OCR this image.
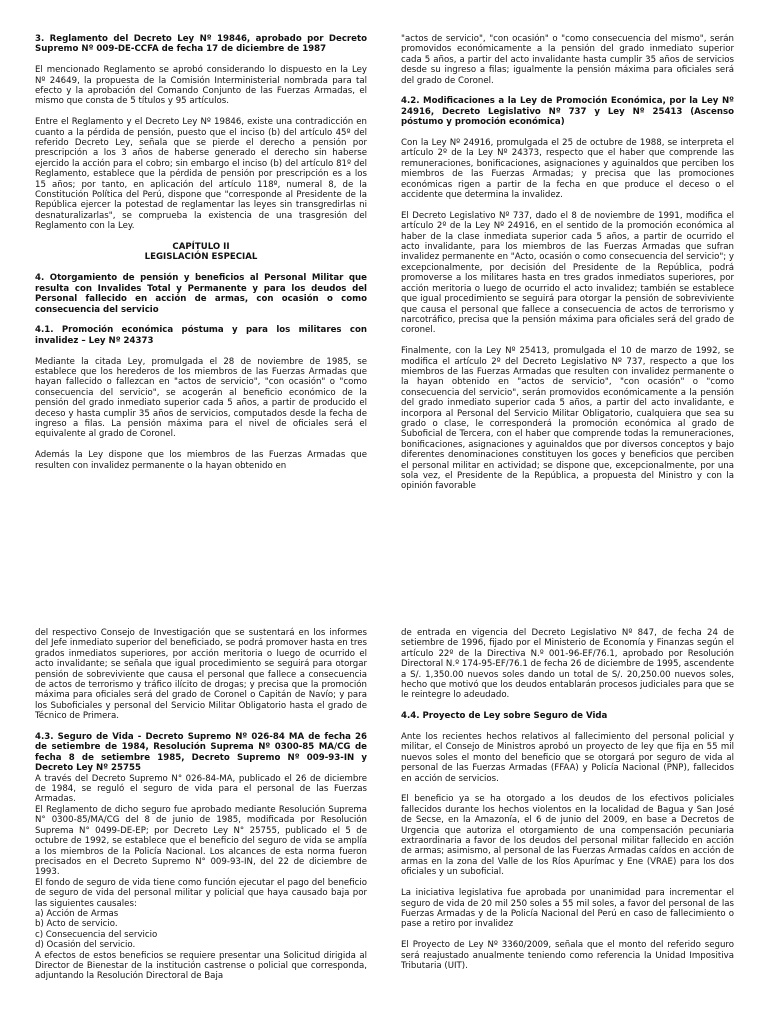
3. Reglamento del Decreto Ley Nº 19846, aprobado por Decreto Supremo Nº 009-DE-CCFA de fecha 17 de diciembre de 1987

El mencionado Reglamento se aprobó considerando lo dispuesto en la Ley Nº 24649, la propuesta de la Comisión Interministerial nombrada para tal efecto y la aprobación del Comando Conjunto de las Fuerzas Armadas, el mismo que consta de 5 títulos y 95 artículos.

Entre el Reglamento y el Decreto Ley Nº 19846, existe una contradicción en cuanto a la pérdida de pensión, puesto que el inciso (b) del artículo 45º del referido Decreto Ley, señala que se pierde el derecho a pensión por prescripción a los 3 años de haberse generado el derecho sin haberse ejercido la acción para el cobro; sin embargo el inciso (b) del artículo 81º del Reglamento, establece que la pérdida de pensión por prescripción es a los 15 años; por tanto, en aplicación del artículo 118º, numeral 8, de la Constitución Política del Perú, dispone que "corresponde al Presidente de la República ejercer la potestad de reglamentar las leyes sin transgredirlas ni desnaturalizarlas", se comprueba la existencia de una trasgresión del Reglamento con la Ley.

CAPÍTULO II
LEGISLACIÓN ESPECIAL

4. Otorgamiento de pensión y beneficios al Personal Militar que resulta con Invalides Total y Permanente y para los deudos del Personal fallecido en acción de armas, con ocasión o como consecuencia del servicio

4.1. Promoción económica póstuma y para los militares con invalidez – Ley Nº 24373

Mediante la citada Ley, promulgada el 28 de noviembre de 1985, se establece que los herederos de los miembros de las Fuerzas Armadas que hayan fallecido o fallezcan en "actos de servicio", "con ocasión" o "como consecuencia del servicio", se acogerán al beneficio económico de la pensión del grado inmediato superior cada 5 años, a partir de producido el deceso y hasta cumplir 35 años de servicios, computados desde la fecha de ingreso a filas. La pensión máxima para el nivel de oficiales será el equivalente al grado de Coronel.

Además la Ley dispone que los miembros de las Fuerzas Armadas que resulten con invalidez permanente o la hayan obtenido en

"actos de servicio", "con ocasión" o "como consecuencia del mismo", serán promovidos económicamente a la pensión del grado inmediato superior cada 5 años, a partir del acto invalidante hasta cumplir 35 años de servicios desde su ingreso a filas; igualmente la pensión máxima para oficiales será del grado de Coronel.

4.2. Modificaciones a la Ley de Promoción Económica, por la Ley Nº 24916, Decreto Legislativo Nº 737 y Ley Nº 25413 (Ascenso póstumo y promoción económica)

Con la Ley Nº 24916, promulgada el 25 de octubre de 1988, se interpreta el artículo 2º de la Ley Nº 24373, respecto que el haber que comprende las remuneraciones, bonificaciones, asignaciones y aguinaldos que perciben los miembros de las Fuerzas Armadas; y precisa que las promociones económicas rigen a partir de la fecha en que produce el deceso o el accidente que determina la invalidez.

El Decreto Legislativo Nº 737, dado el 8 de noviembre de 1991, modifica el artículo 2º de la Ley Nº 24916, en el sentido de la promoción económica al haber de la clase inmediata superior cada 5 años, a partir de ocurrido el acto invalidante, para los miembros de las Fuerzas Armadas que sufran invalidez permanente en "Acto, ocasión o como consecuencia del servicio"; y excepcionalmente, por decisión del Presidente de la República, podrá promoverse a los militares hasta en tres grados inmediatos superiores, por acción meritoria o luego de ocurrido el acto invalidez; también se establece que igual procedimiento se seguirá para otorgar la pensión de sobreviviente que causa el personal que fallece a consecuencia de actos de terrorismo y narcotráfico, precisa que la pensión máxima para oficiales será del grado de coronel.

Finalmente, con la Ley Nº 25413, promulgada el 10 de marzo de 1992, se modifica el artículo 2º del Decreto Legislativo Nº 737, respecto a que los miembros de las Fuerzas Armadas que resulten con invalidez permanente o la hayan obtenido en "actos de servicio", "con ocasión" o "como consecuencia del servicio", serán promovidos económicamente a la pensión del grado inmediato superior cada 5 años, a partir del acto invalidante, e incorpora al Personal del Servicio Militar Obligatorio, cualquiera que sea su grado o clase, le corresponderá la promoción económica al grado de Suboficial de Tercera, con el haber que comprende todas la remuneraciones, bonificaciones, asignaciones y aguinaldos que por diversos conceptos y bajo diferentes denominaciones constituyen los goces y beneficios que perciben el personal militar en actividad; se dispone que, excepcionalmente, por una sola vez, el Presidente de la República, a propuesta del Ministro y con la opinión favorable

del respectivo Consejo de Investigación que se sustentará en los informes del Jefe inmediato superior del beneficiado, se podrá promover hasta en tres grados inmediatos superiores, por acción meritoria o luego de ocurrido el acto invalidante; se señala que igual procedimiento se seguirá para otorgar pensión de sobreviviente que causa el personal que fallece a consecuencia de actos de terrorismo y tráfico ilícito de drogas; y precisa que la promoción máxima para oficiales será del grado de Coronel o Capitán de Navío; y para los Suboficiales y personal del Servicio Militar Obligatorio hasta el grado de Técnico de Primera.

4.3. Seguro de Vida - Decreto Supremo Nº 026-84 MA de fecha 26 de setiembre de 1984, Resolución Suprema Nº 0300-85 MA/CG de fecha 8 de setiembre 1985, Decreto Supremo Nº 009-93-IN y Decreto Ley Nº 25755

A través del Decreto Supremo N° 026-84-MA, publicado el 26 de diciembre de 1984, se reguló el seguro de vida para el personal de las Fuerzas Armadas.

El Reglamento de dicho seguro fue aprobado mediante Resolución Suprema N° 0300-85/MA/CG del 8 de junio de 1985, modificada por Resolución Suprema N° 0499-DE-EP; por Decreto Ley N° 25755, publicado el 5 de octubre de 1992, se establece que el beneficio del seguro de vida se amplía a los miembros de la Policía Nacional. Los alcances de esta norma fueron precisados en el Decreto Supremo N° 009-93-IN, del 22 de diciembre de 1993.

El fondo de seguro de vida tiene como función ejecutar el pago del beneficio de seguro de vida del personal militar y policial que haya causado baja por las siguientes causales:

a) Acción de Armas

b) Acto de servicio.

c) Consecuencia del servicio

d) Ocasión del servicio.

A efectos de estos beneficios se requiere presentar una Solicitud dirigida al Director de Bienestar de la institución castrense o policial que corresponda, adjuntando la Resolución Directoral de Baja

de entrada en vigencia del Decreto Legislativo Nº 847, de fecha 24 de setiembre de 1996, fijado por el Ministerio de Economía y Finanzas según el artículo 22º de la Directiva N.º 001-96-EF/76.1, aprobado por Resolución Directoral N.º 174-95-EF/76.1 de fecha 26 de diciembre de 1995, ascendente a S/. 1,350.00 nuevos soles dando un total de S/. 20,250.00 nuevos soles, hecho que motivó que los deudos entablarán procesos judiciales para que se le reintegre lo adeudado.

4.4. Proyecto de Ley sobre Seguro de Vida

Ante los recientes hechos relativos al fallecimiento del personal policial y militar, el Consejo de Ministros aprobó un proyecto de ley que fija en 55 mil nuevos soles el monto del beneficio que se otorgará por seguro de vida al personal de las Fuerzas Armadas (FFAA) y Policía Nacional (PNP), fallecidos en acción de servicios.

El beneficio ya se ha otorgado a los deudos de los efectivos policiales fallecidos durante los hechos violentos en la localidad de Bagua y San José de Secse, en la Amazonía, el 6 de junio del 2009, en base a Decretos de Urgencia que autoriza el otorgamiento de una compensación pecuniaria extraordinaria a favor de los deudos del personal militar fallecido en acción de armas; asimismo, al personal de las Fuerzas Armadas caídos en acción de armas en la zona del Valle de los Ríos Apurímac y Ene (VRAE) para los dos oficiales y un suboficial.

La iniciativa legislativa fue aprobada por unanimidad para incrementar el seguro de vida de 20 mil 250 soles a 55 mil soles, a favor del personal de las Fuerzas Armadas y de la Policía Nacional del Perú en caso de fallecimiento o pase a retiro por invalidez

El Proyecto de Ley Nº 3360/2009, señala que el monto del referido seguro será reajustado anualmente teniendo como referencia la Unidad Impositiva Tributaria (UIT).
